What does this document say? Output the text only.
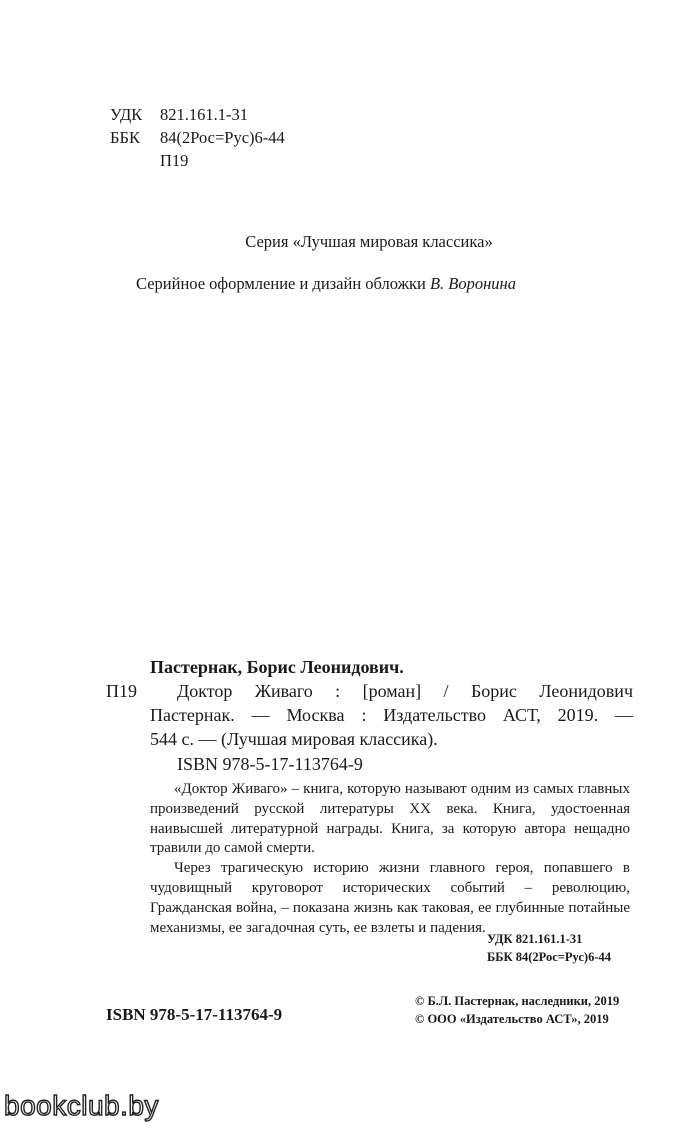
УДК 821.161.1-31
ББК 84(2Рос=Рус)6-44
П19
Серия «Лучшая мировая классика»
Серийное оформление и дизайн обложки В. Воронина
Пастернак, Борис Леонидович.
П19 Доктор Живаго : [роман] / Борис Леонидович
Пастернак. — Москва : Издательство АСТ, 2019. —
544 с. — (Лучшая мировая классика).
ISBN 978-5-17-113764-9

«Доктор Живаго» – книга, которую называют одним из самых главных произведений русской литературы XX века. Книга, удостоенная наивысшей литературной награды. Книга, за которую автора нещадно травили до самой смерти.

Через трагическую историю жизни главного героя, попавшего в чудовищный круговорот исторических событий – революцию, Гражданская война, – показана жизнь как таковая, ее глубинные потайные механизмы, ее загадочная суть, ее взлеты и падения.

УДК 821.161.1-31
ББК 84(2Рос=Рус)6-44
ISBN 978-5-17-113764-9
© Б.Л. Пастернак, наследники, 2019
© ООО «Издательство АСТ», 2019
bookclub.by
